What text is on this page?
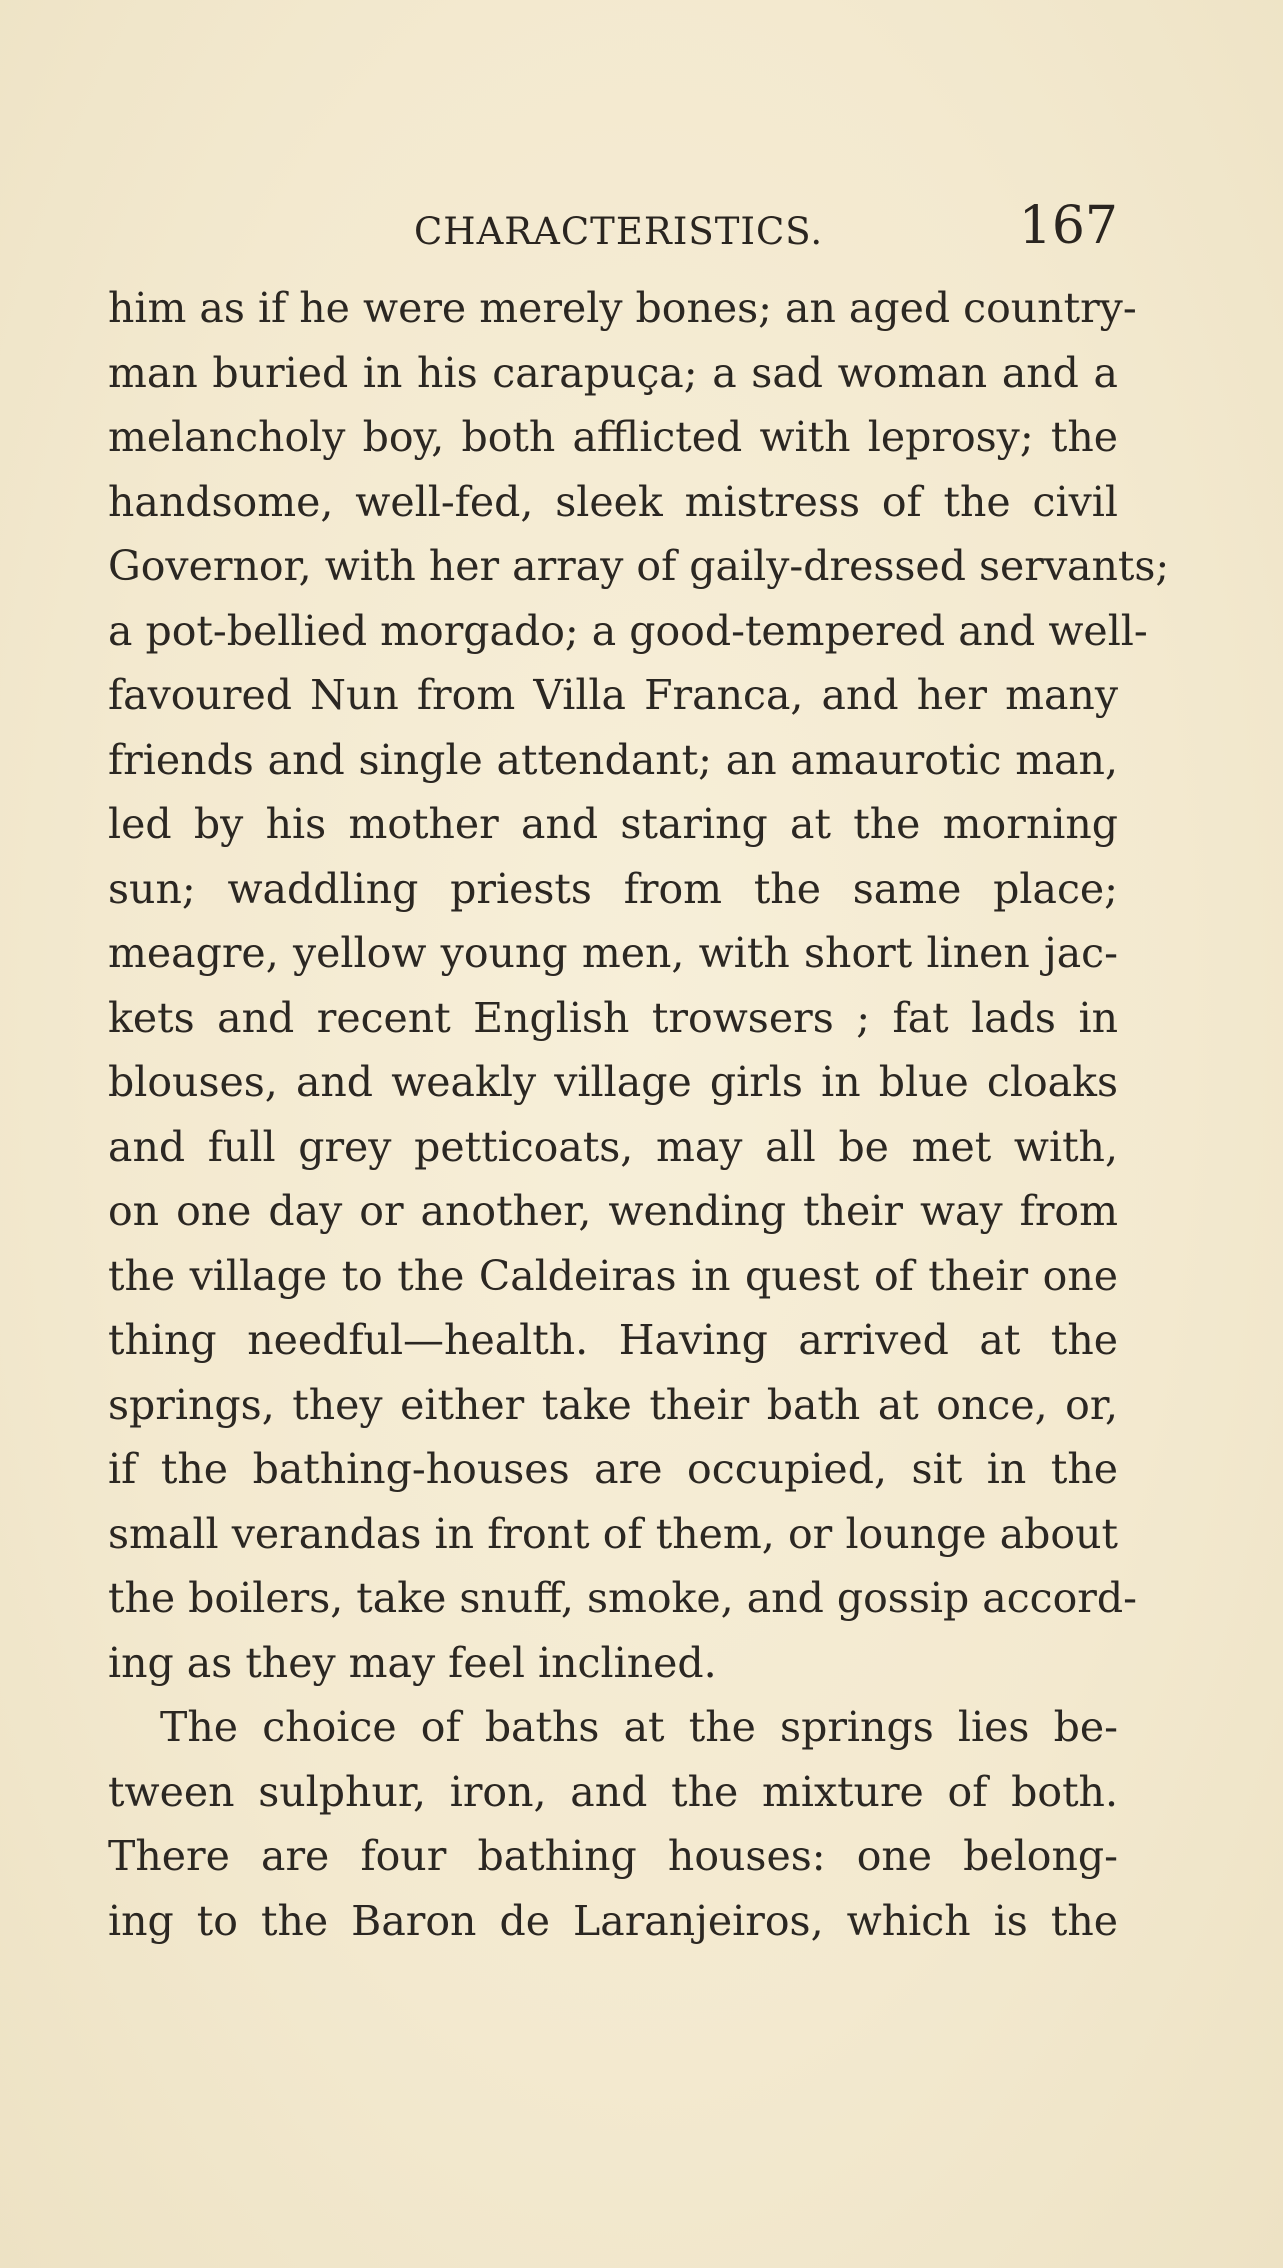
CHARACTERISTICS.	167
him as if he were merely bones; an aged country-
man buried in his carapuça; a sad woman and a
melancholy boy, both afflicted with leprosy; the
handsome, well-fed, sleek mistress of the civil
Governor, with her array of gaily-dressed servants;
a pot-bellied morgado; a good-tempered and well-
favoured Nun from Villa Franca, and her many
friends and single attendant; an amaurotic man,
led by his mother and staring at the morning
sun; waddling priests from the same place;
meagre, yellow young men, with short linen jac-
kets and recent English trowsers ; fat lads in
blouses, and weakly village girls in blue cloaks
and full grey petticoats, may all be met with,
on one day or another, wending their way from
the village to the Caldeiras in quest of their one
thing needful—health. Having arrived at the
springs, they either take their bath at once, or,
if the bathing-houses are occupied, sit in the
small verandas in front of them, or lounge about
the boilers, take snuff, smoke, and gossip accord-
ing as they may feel inclined.
The choice of baths at the springs lies be-
tween sulphur, iron, and the mixture of both.
There are four bathing houses: one belong-
ing to the Baron de Laranjeiros, which is the
